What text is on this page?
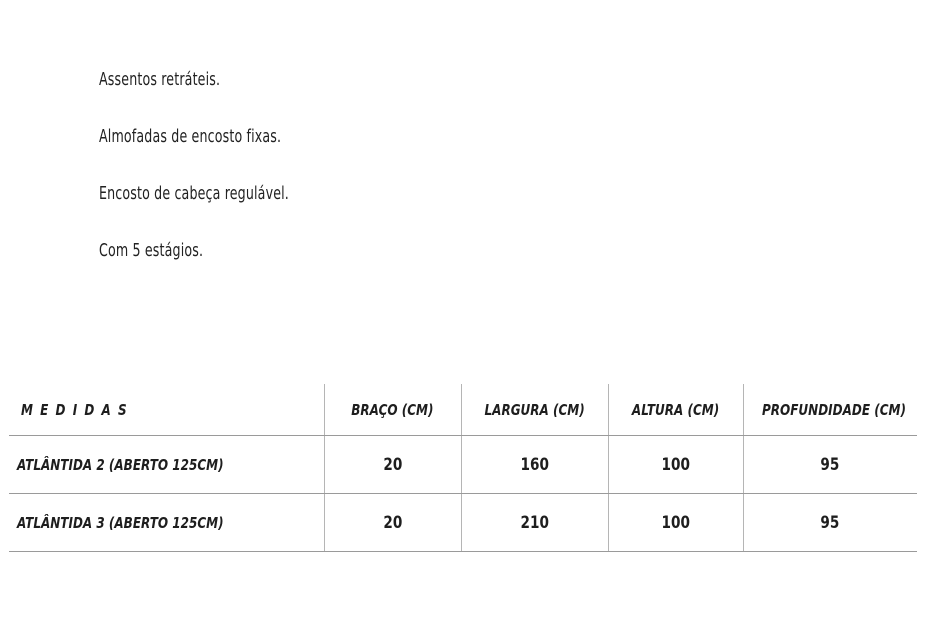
Assentos retráteis.
Almofadas de encosto fixas.
Encosto de cabeça regulável.
Com 5 estágios.
MEDIDAS	BRAÇO (CM)	LARGURA (CM)	ALTURA (CM)	PROFUNDIDADE (CM)
ATLÂNTIDA 2 (ABERTO 125CM)	20	160	100	95
ATLÂNTIDA 3 (ABERTO 125CM)	20	210	100	95
